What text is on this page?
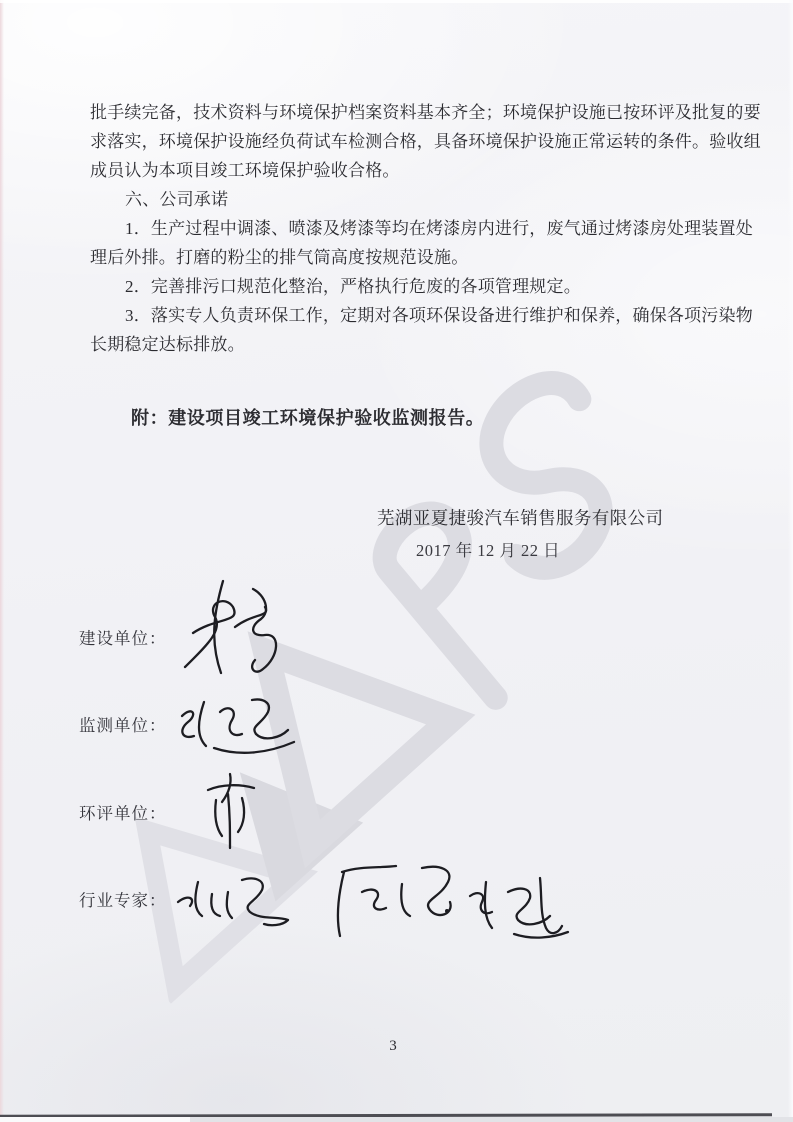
批手续完备，技术资料与环境保护档案资料基本齐全；环境保护设施已按环评及批复的要
求落实，环境保护设施经负荷试车检测合格，具备环境保护设施正常运转的条件。验收组
成员认为本项目竣工环境保护验收合格。
六、公司承诺
1．生产过程中调漆、喷漆及烤漆等均在烤漆房内进行，废气通过烤漆房处理装置处
理后外排。打磨的粉尘的排气筒高度按规范设施。
2．完善排污口规范化整治，严格执行危废的各项管理规定。
3．落实专人负责环保工作，定期对各项环保设备进行维护和保养，确保各项污染物
长期稳定达标排放。
附：建设项目竣工环境保护验收监测报告。
芜湖亚夏捷骏汽车销售服务有限公司
2017 年 12 月 22 日
建设单位：
监测单位：
环评单位：
行业专家：
3
